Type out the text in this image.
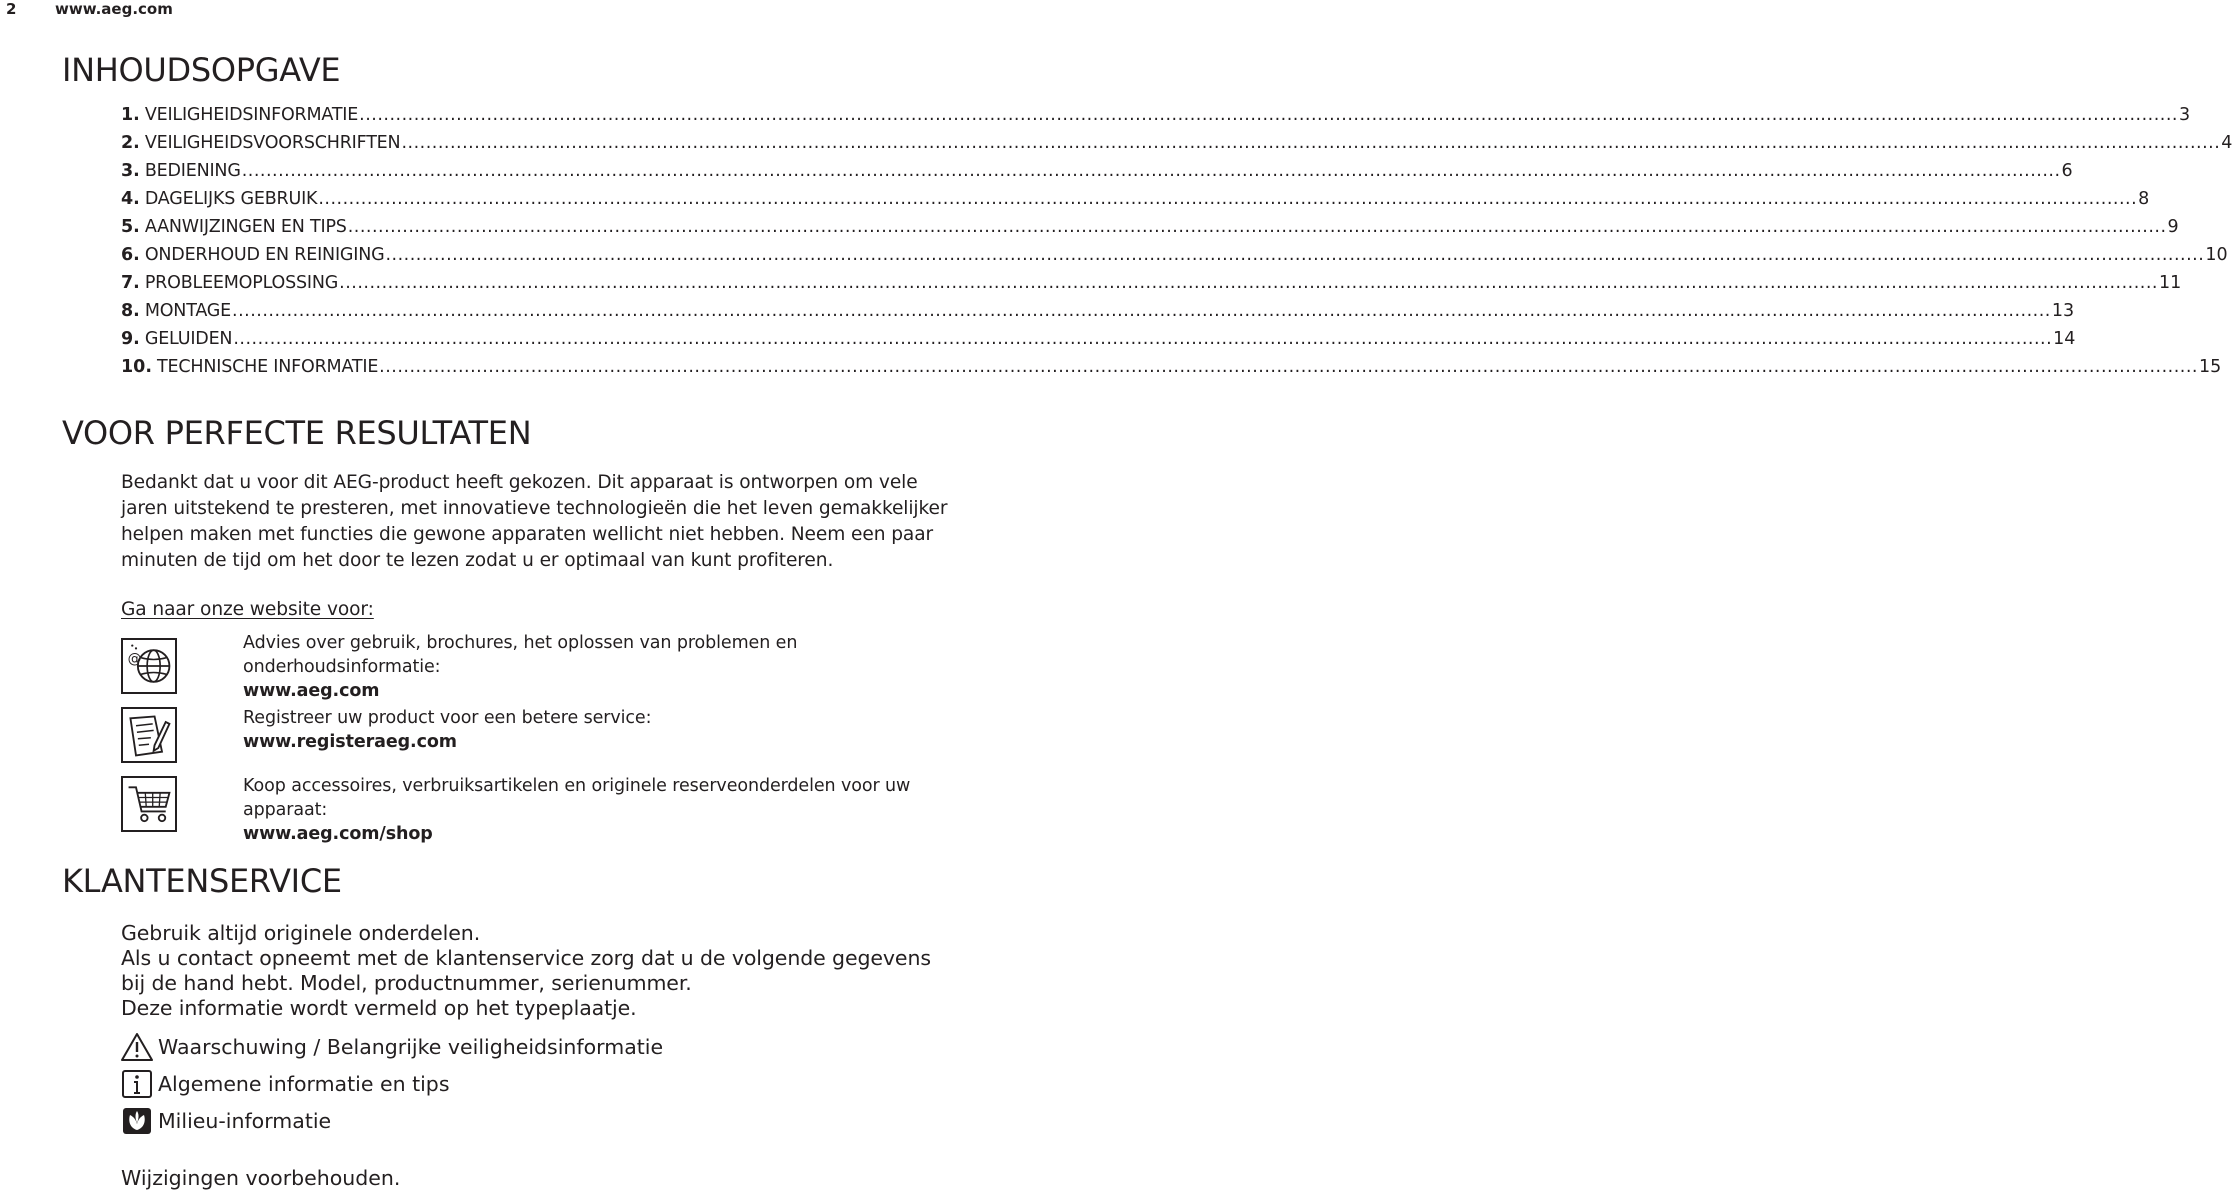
2	www.aeg.com
INHOUDSOPGAVE
1. VEILIGHEIDSINFORMATIE ............................................................................................................................................................................................................................................................................................................ 3
2. VEILIGHEIDSVOORSCHRIFTEN ............................................................................................................................................................................................................................................................................................................ 4
3. BEDIENING ............................................................................................................................................................................................................................................................................................................ 6
4. DAGELIJKS GEBRUIK ............................................................................................................................................................................................................................................................................................................ 8
5. AANWIJZINGEN EN TIPS ............................................................................................................................................................................................................................................................................................................ 9
6. ONDERHOUD EN REINIGING ............................................................................................................................................................................................................................................................................................................ 10
7. PROBLEEMOPLOSSING ............................................................................................................................................................................................................................................................................................................ 11
8. MONTAGE ............................................................................................................................................................................................................................................................................................................ 13
9. GELUIDEN ............................................................................................................................................................................................................................................................................................................ 14
10. TECHNISCHE INFORMATIE ............................................................................................................................................................................................................................................................................................................ 15
VOOR PERFECTE RESULTATEN
Bedankt dat u voor dit AEG-product heeft gekozen. Dit apparaat is ontworpen om vele jaren uitstekend te presteren, met innovatieve technologieën die het leven gemakkelijker helpen maken met functies die gewone apparaten wellicht niet hebben. Neem een paar minuten de tijd om het door te lezen zodat u er optimaal van kunt profiteren.
Ga naar onze website voor:
@
Advies over gebruik, brochures, het oplossen van problemen en onderhoudsinformatie:
www.aeg.com
Registreer uw product voor een betere service:
www.registeraeg.com
Koop accessoires, verbruiksartikelen en originele reserveonderdelen voor uw apparaat:
www.aeg.com/shop
KLANTENSERVICE
Gebruik altijd originele onderdelen.
Als u contact opneemt met de klantenservice zorg dat u de volgende gegevens
bij de hand hebt. Model, productnummer, serienummer.
Deze informatie wordt vermeld op het typeplaatje.
Waarschuwing / Belangrijke veiligheidsinformatie
Algemene informatie en tips
Milieu-informatie
Wijzigingen voorbehouden.
